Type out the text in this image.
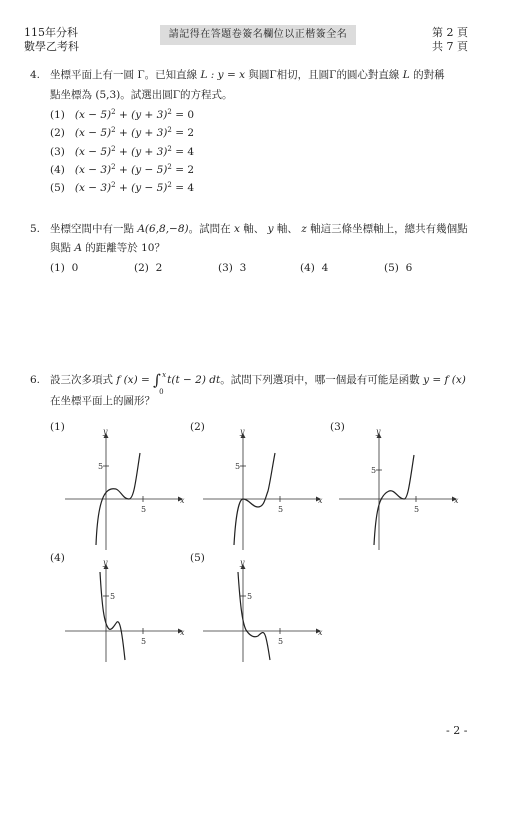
115年分科
數學乙考科
請記得在答題卷簽名欄位以正楷簽全名	第 2 頁
共 7 頁
4. 坐標平面上有一圓 Γ。已知直線 L : y = x 與圓Γ相切，且圓Γ的圓心對直線 L 的對稱
點坐標為 (5,3)。試選出圓Γ的方程式。
(1) $(x - 5)^2 + (y + 3)^2 = 0$
(2) $(x - 5)^2 + (y + 3)^2 = 2$
(3) $(x - 5)^2 + (y + 3)^2 = 4$
(4) $(x - 3)^2 + (y - 5)^2 = 2$
(5) $(x - 3)^2 + (y - 5)^2 = 4$
5. 坐標空間中有一點 A(6,8,−8)。試問在 x 軸、 y 軸、 z 軸這三條坐標軸上，總共有幾個點
與點 A 的距離等於 10？
(1) 0	(2) 2	(3) 3	(4) 4	(5) 6
6. 設三次多項式 f (x) = ∫ x
0
t(t − 2) dt。試問下列選項中，哪一個最有可能是函數 y = f (x)
在坐標平面上的圖形？
(1)	(2)	(3)
(4)	(5)
5
5
x
y
5
5
x
y
5
5
x
y
5
5
x
y
5
5
x
y
- 2 -
